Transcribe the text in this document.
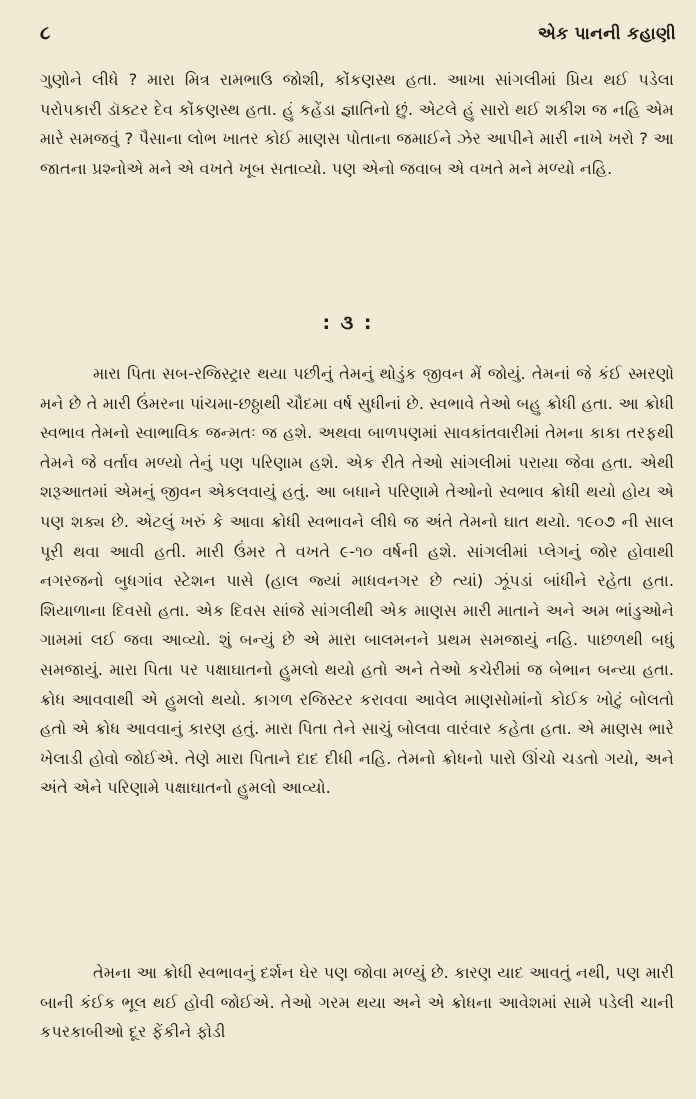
૮	એક પાનની કહાણી

ગુણોને લીધે ? મારા મિત્ર રામભાઉ જોશી, કોંકણસ્થ હતા. આખા સાંગલીમાં પ્રિય થઈ પડેલા પરોપકારી ડૉક્ટર દેવ કોંકણસ્થ હતા. હું કહેંડા જ્ઞાતિનો છું. એટલે હું સારો થઈ શકીશ જ નહિ એમ મારે સમજવું ? પૈસાના લોભ ખાતર કોઈ માણસ પોતાના જમાઈને ઝેર આપીને મારી નાખે ખરો ? આ જાતના પ્રશ્નોએ મને એ વખતે ખૂબ સતાવ્યો. પણ એનો જવાબ એ વખતે મને મળ્યો નહિ.

: ૩ :

મારા પિતા સબ-રજિસ્ટ્રાર થયા પછીનું તેમનું થોડુંક જીવન મેં જોયું. તેમનાં જે કંઈ સ્મરણો મને છે તે મારી ઉંમરના પાંચમા-છઠ્ઠાથી ચૌદમા વર્ષ સુધીનાં છે. સ્વભાવે તેઓ બહુ ક્રોધી હતા. આ ક્રોધી સ્વભાવ તેમનો સ્વાભાવિક જન્મતઃ જ હશે. અથવા બાળપણમાં સાવકાંતવારીમાં તેમના કાકા તરફથી તેમને જે વર્તાવ મળ્યો તેનું પણ પરિણામ હશે. એક રીતે તેઓ સાંગલીમાં પરાયા જેવા હતા. એથી શરૂઆતમાં એમનું જીવન એકલવાયું હતું. આ બધાને પરિણામે તેઓનો સ્વભાવ ક્રોધી થયો હોય એ પણ શક્ય છે. એટલું ખરું કે આવા ક્રોધી સ્વભાવને લીધે જ અંતે તેમનો ઘાત થયો. ૧૯૦૭ ની સાલ પૂરી થવા આવી હતી. મારી ઉંમર તે વખતે ૯-૧૦ વર્ષની હશે. સાંગલીમાં પ્લેગનું જોર હોવાથી નગરજનો બુધગાંવ સ્ટેશન પાસે (હાલ જ્યાં માધવનગર છે ત્યાં) ઝૂંપડાં બાંધીને રહેતા હતા. શિયાળાના દિવસો હતા. એક દિવસ સાંજે સાંગલીથી એક માણસ મારી માતાને અને અમ ભાંડુઓને ગામમાં લઈ જવા આવ્યો. શું બન્યું છે એ મારા બાલમનને પ્રથમ સમજાયું નહિ. પાછળથી બધું સમજાયું. મારા પિતા પર પક્ષાઘાતનો હુમલો થયો હતો અને તેઓ કચેરીમાં જ બેભાન બન્યા હતા. ક્રોધ આવવાથી એ હુમલો થયો. કાગળ રજિસ્ટર કરાવવા આવેલ માણસોમાંનો કોઈક ખોટું બોલતો હતો એ ક્રોધ આવવાનું કારણ હતું. મારા પિતા તેને સાચું બોલવા વારંવાર કહેતા હતા. એ માણસ ભારે ખેલાડી હોવો જોઈએ. તેણે મારા પિતાને દાદ દીધી નહિ. તેમનો ક્રોધનો પારો ઊંચો ચડતો ગયો, અને અંતે એને પરિણામે પક્ષાઘાતનો હુમલો આવ્યો.

તેમના આ ક્રોધી સ્વભાવનું દર્શન ઘેર પણ જોવા મળ્યું છે. કારણ યાદ આવતું નથી, પણ મારી બાની કંઈક ભૂલ થઈ હોવી જોઈએ. તેઓ ગરમ થયા અને એ ક્રોધના આવેશમાં સામે પડેલી ચાની કપરકાબીઓ દૂર ફેંકીને ફોડી
